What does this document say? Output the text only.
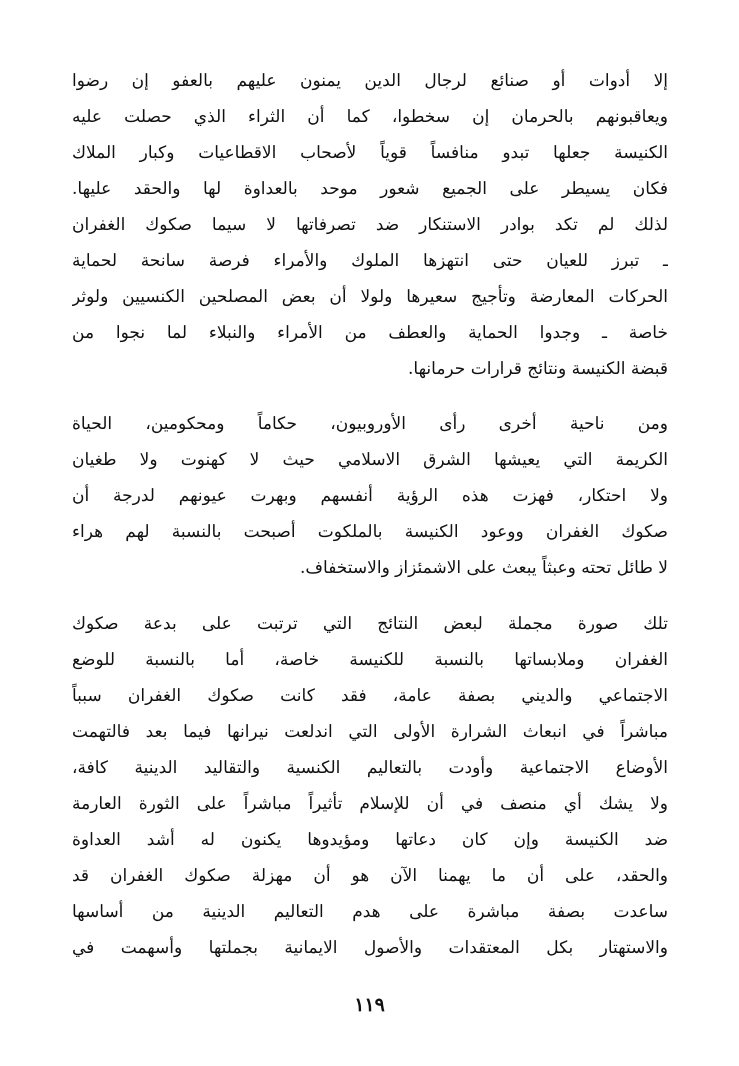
إلا أدوات أو صنائع لرجال الدين يمنون عليهم بالعفو إن رضوا
ويعاقبونهم بالحرمان إن سخطوا، كما أن الثراء الذي حصلت عليه
الكنيسة جعلها تبدو منافساً قوياً لأصحاب الاقطاعيات وكبار الملاك
فكان يسيطر على الجميع شعور موحد بالعداوة لها والحقد عليها.
لذلك لم تكد بوادر الاستنكار ضد تصرفاتها لا سيما صكوك الغفران
ـ تبرز للعيان حتى انتهزها الملوك والأمراء فرصة سانحة لحماية
الحركات المعارضة وتأجيج سعيرها ولولا أن بعض المصلحين الكنسيين ولوثر
خاصة ـ وجدوا الحماية والعطف من الأمراء والنبلاء لما نجوا من
قبضة الكنيسة ونتائج قرارات حرمانها.
ومن ناحية أخرى رأى الأوروبيون، حكاماً ومحكومين، الحياة
الكريمة التي يعيشها الشرق الاسلامي حيث لا كهنوت ولا طغيان
ولا احتكار، فهزت هذه الرؤية أنفسهم وبهرت عيونهم لدرجة أن
صكوك الغفران ووعود الكنيسة بالملكوت أصبحت بالنسبة لهم هراء
لا طائل تحته وعبثاً يبعث على الاشمئزاز والاستخفاف.
تلك صورة مجملة لبعض النتائج التي ترتبت على بدعة صكوك
الغفران وملابساتها بالنسبة للكنيسة خاصة، أما بالنسبة للوضع
الاجتماعي والديني بصفة عامة، فقد كانت صكوك الغفران سبباً
مباشراً في انبعاث الشرارة الأولى التي اندلعت نيرانها فيما بعد فالتهمت
الأوضاع الاجتماعية وأودت بالتعاليم الكنسية والتقاليد الدينية كافة،
ولا يشك أي منصف في أن للإسلام تأثيراً مباشراً على الثورة العارمة
ضد الكنيسة وإن كان دعاتها ومؤيدوها يكنون له أشد العداوة
والحقد، على أن ما يهمنا الآن هو أن مهزلة صكوك الغفران قد
ساعدت بصفة مباشرة على هدم التعاليم الدينية من أساسها
والاستهتار بكل المعتقدات والأصول الايمانية بجملتها وأسهمت في
١١٩
